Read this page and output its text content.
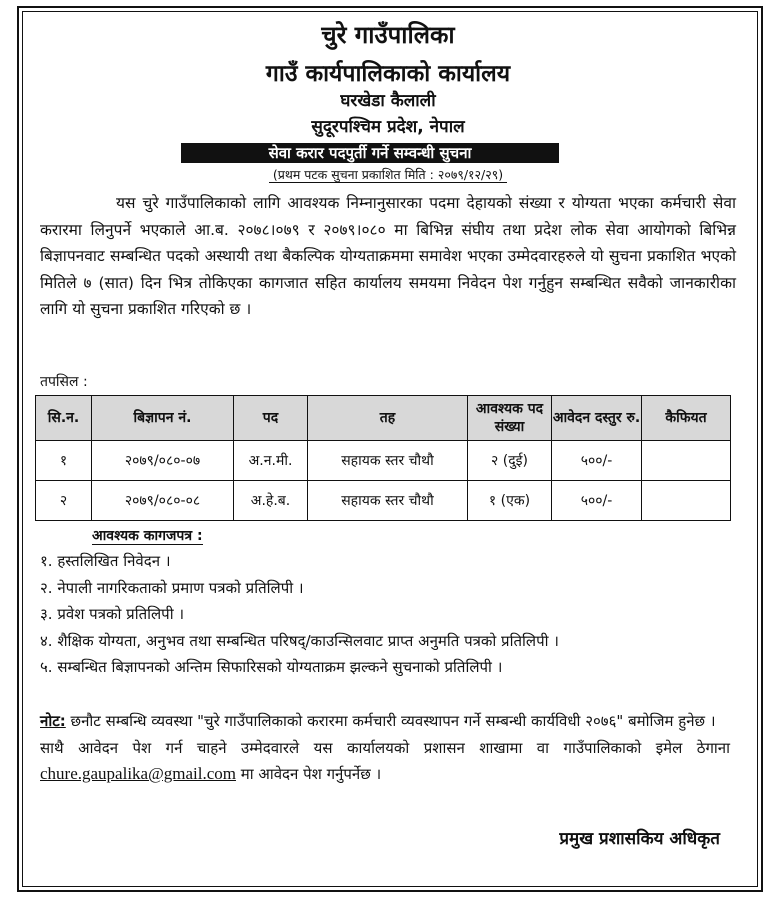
चुरे गाउँपालिका
गाउँ कार्यपालिकाको कार्यालय
घरखेडा कैलाली
सुदूरपश्चिम प्रदेश, नेपाल
सेवा करार पदपुर्ती गर्ने सम्वन्धी सुचना
(प्रथम पटक सुचना प्रकाशित मिति : २०७९/१२/२९)
यस चुरे गाउँपालिकाको लागि आवश्यक निम्नानुसारका पदमा देहायको संख्या र योग्यता भएका कर्मचारी सेवा करारमा लिनुपर्ने भएकाले आ.ब. २०७८।०७९ र २०७९।०८० मा बिभिन्न संघीय तथा प्रदेश लोक सेवा आयोगको बिभिन्न बिज्ञापनवाट सम्बन्धित पदको अस्थायी तथा बैकल्पिक योग्यताक्रममा समावेश भएका उम्मेदवारहरुले यो सुचना प्रकाशित भएको मितिले ७ (सात) दिन भित्र तोकिएका कागजात सहित कार्यालय समयमा निवेदन पेश गर्नुहुन सम्बन्धित सवैको जानकारीका लागि यो सुचना प्रकाशित गरिएको छ ।
तपसिल :
सि.न.	बिज्ञापन नं.	पद	तह	आवश्यक पद संख्या	आवेदन दस्तुर रु.	कैफियत
१	२०७९/०८०-०७	अ.न.मी.	सहायक स्तर चौथौ	२ (दुई)	५००/-	
२	२०७९/०८०-०८	अ.हे.ब.	सहायक स्तर चौथौ	१ (एक)	५००/-	
आवश्यक कागजपत्र :
१. हस्तलिखित निवेदन ।
२. नेपाली नागरिकताको प्रमाण पत्रको प्रतिलिपी ।
३. प्रवेश पत्रको प्रतिलिपी ।
४. शैक्षिक योग्यता, अनुभव तथा सम्बन्धित परिषद्/काउन्सिलवाट प्राप्त अनुमति पत्रको प्रतिलिपी ।
५. सम्बन्धित बिज्ञापनको अन्तिम सिफारिसको योग्यताक्रम झल्कने सुचनाको प्रतिलिपी ।
नोट: छनौट सम्बन्धि व्यवस्था "चुरे गाउँपालिकाको करारमा कर्मचारी व्यवस्थापन गर्ने सम्बन्धी कार्यविधी २०७६" बमोजिम हुनेछ ।
साथै आवेदन पेश गर्न चाहने उम्मेदवारले यस कार्यालयको प्रशासन शाखामा वा गाउँपालिकाको इमेल ठेगाना chure.gaupalika@gmail.com मा आवेदन पेश गर्नुपर्नेछ ।
प्रमुख प्रशासकिय अधिकृत
